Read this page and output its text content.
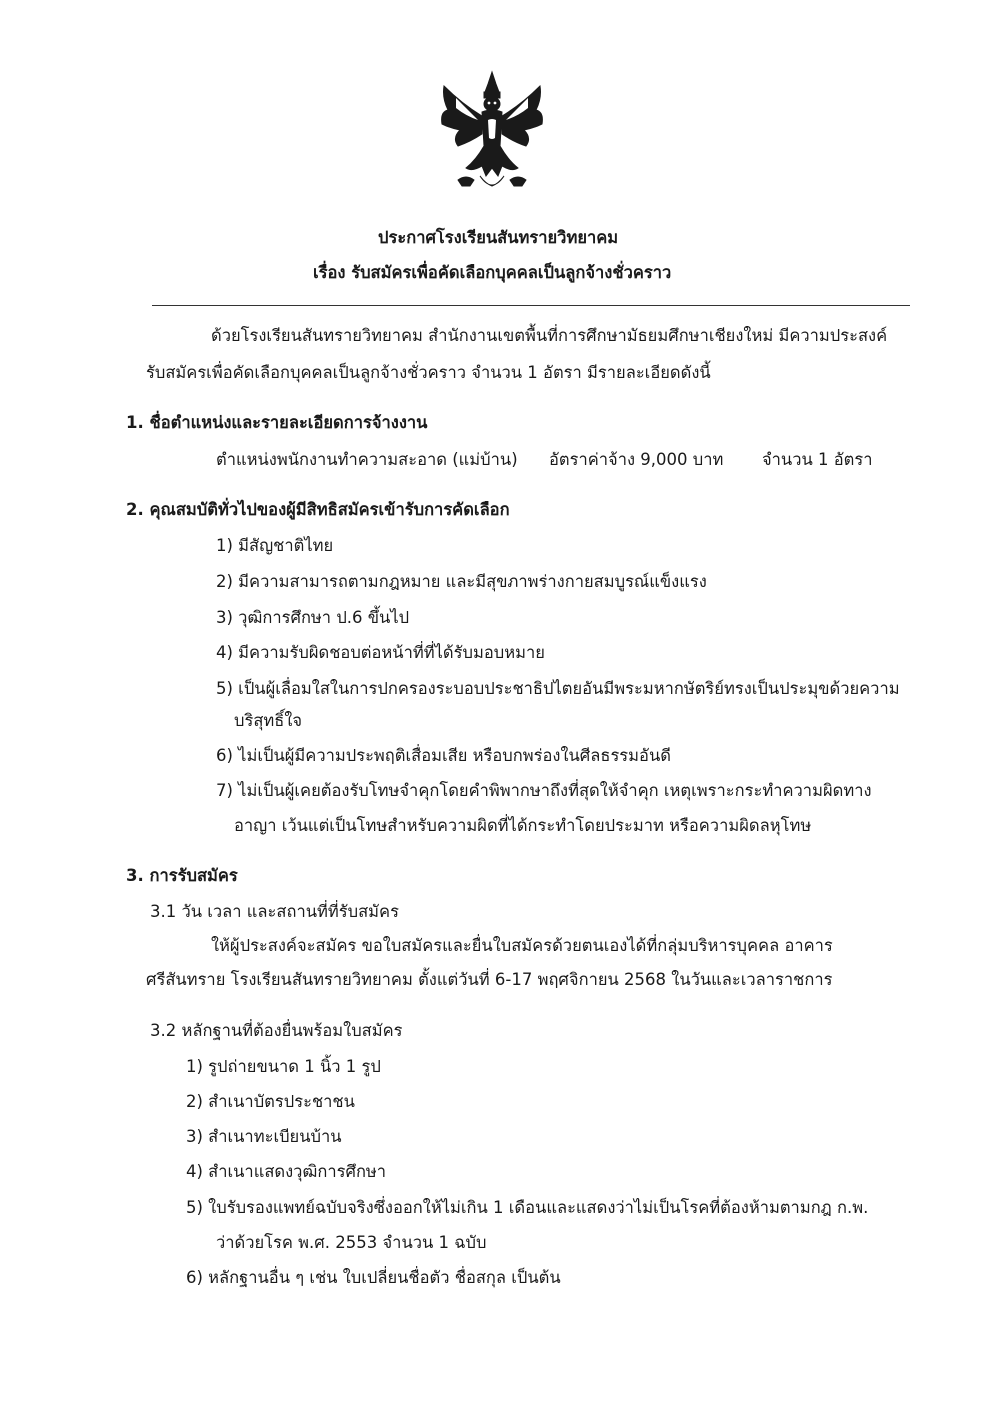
ประกาศโรงเรียนสันทรายวิทยาคม
เรื่อง รับสมัครเพื่อคัดเลือกบุคคลเป็นลูกจ้างชั่วคราว
ด้วยโรงเรียนสันทรายวิทยาคม สำนักงานเขตพื้นที่การศึกษามัธยมศึกษาเชียงใหม่ มีความประสงค์
รับสมัครเพื่อคัดเลือกบุคคลเป็นลูกจ้างชั่วคราว จำนวน 1 อัตรา มีรายละเอียดดังนี้
1. ชื่อตำแหน่งและรายละเอียดการจ้างงาน
ตำแหน่งพนักงานทำความสะอาด (แม่บ้าน) อัตราค่าจ้าง 9,000 บาท จำนวน 1 อัตรา
2. คุณสมบัติทั่วไปของผู้มีสิทธิสมัครเข้ารับการคัดเลือก
1) มีสัญชาติไทย
2) มีความสามารถตามกฎหมาย และมีสุขภาพร่างกายสมบูรณ์แข็งแรง
3) วุฒิการศึกษา ป.6 ขึ้นไป
4) มีความรับผิดชอบต่อหน้าที่ที่ได้รับมอบหมาย
5) เป็นผู้เลื่อมใสในการปกครองระบอบประชาธิปไตยอันมีพระมหากษัตริย์ทรงเป็นประมุขด้วยความ
บริสุทธิ์ใจ
6) ไม่เป็นผู้มีความประพฤติเสื่อมเสีย หรือบกพร่องในศีลธรรมอันดี
7) ไม่เป็นผู้เคยต้องรับโทษจำคุกโดยคำพิพากษาถึงที่สุดให้จำคุก เหตุเพราะกระทำความผิดทาง
อาญา เว้นแต่เป็นโทษสำหรับความผิดที่ได้กระทำโดยประมาท หรือความผิดลหุโทษ
3. การรับสมัคร
3.1 วัน เวลา และสถานที่ที่รับสมัคร
ให้ผู้ประสงค์จะสมัคร ขอใบสมัครและยื่นใบสมัครด้วยตนเองได้ที่กลุ่มบริหารบุคคล อาคาร
ศรีสันทราย โรงเรียนสันทรายวิทยาคม ตั้งแต่วันที่ 6-17 พฤศจิกายน 2568 ในวันและเวลาราชการ
3.2 หลักฐานที่ต้องยื่นพร้อมใบสมัคร
1) รูปถ่ายขนาด 1 นิ้ว 1 รูป
2) สำเนาบัตรประชาชน
3) สำเนาทะเบียนบ้าน
4) สำเนาแสดงวุฒิการศึกษา
5) ใบรับรองแพทย์ฉบับจริงซึ่งออกให้ไม่เกิน 1 เดือนและแสดงว่าไม่เป็นโรคที่ต้องห้ามตามกฎ ก.พ.
ว่าด้วยโรค พ.ศ. 2553 จำนวน 1 ฉบับ
6) หลักฐานอื่น ๆ เช่น ใบเปลี่ยนชื่อตัว ชื่อสกุล เป็นต้น
